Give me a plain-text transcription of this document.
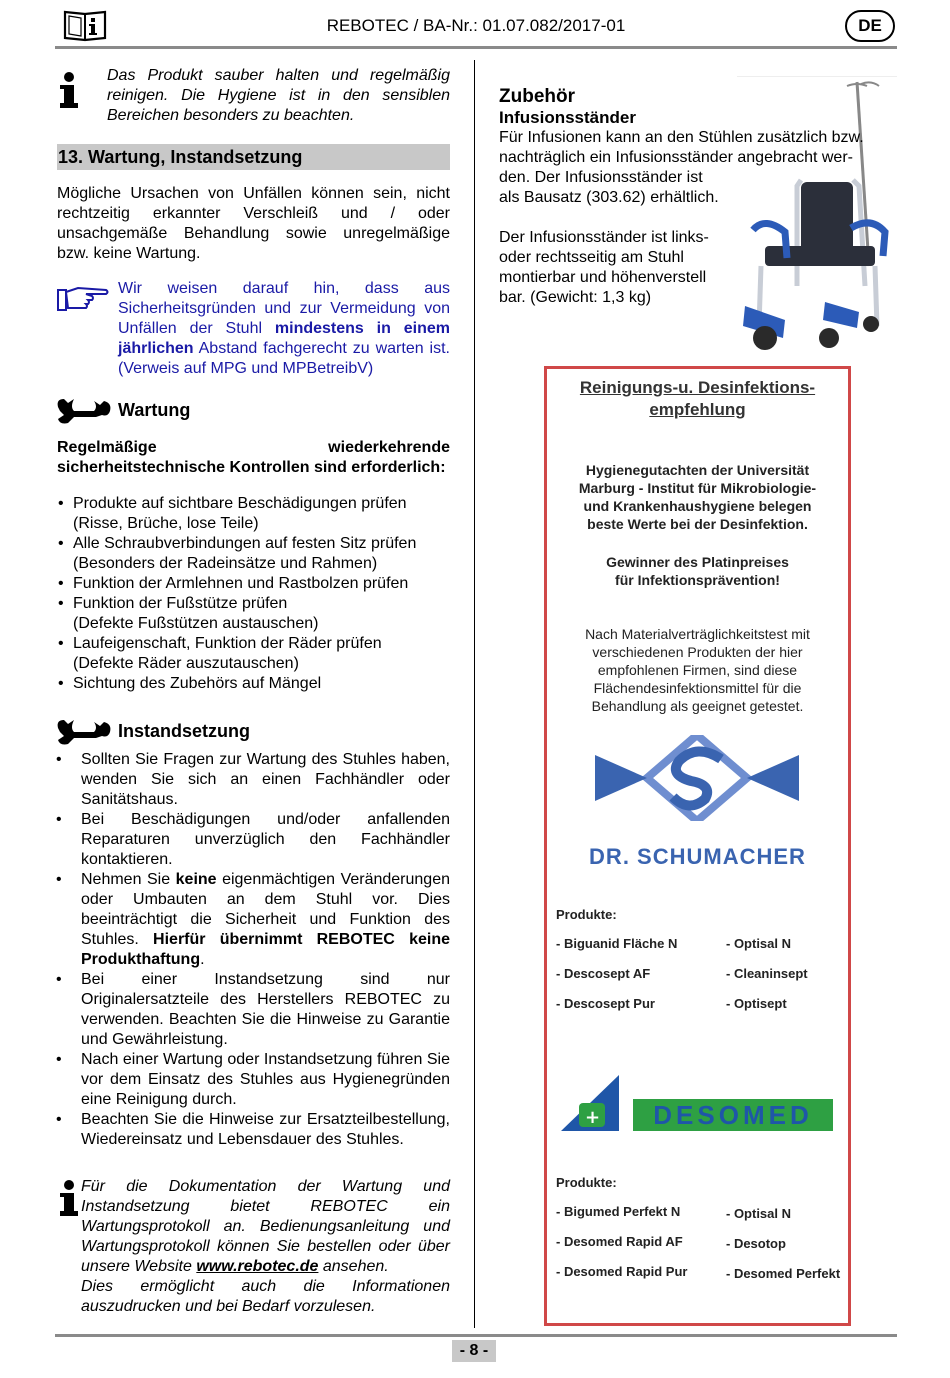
REBOTEC / BA-Nr.: 01.07.082/2017-01	DE
Das Produkt sauber halten und regelmäßig reinigen. Die Hygiene ist in den sensiblen Bereichen besonders zu beachten.
13. Wartung, Instandsetzung
Mögliche Ursachen von Unfällen können sein, nicht rechtzeitig erkannter Verschleiß und / oder unsachgemäße Behandlung sowie unregelmäßige bzw. keine Wartung.
Wir weisen darauf hin, dass aus Sicherheitsgründen und zur Vermeidung von Unfällen der Stuhl mindestens in einem jährlichen Abstand fachgerecht zu warten ist. (Verweis auf MPG und MPBetreibV)
Wartung
Regelmäßige wiederkehrende sicherheitstechnische Kontrollen sind erforderlich:
• Produkte auf sichtbare Beschädigungen prüfen
(Risse, Brüche, lose Teile)
• Alle Schraubverbindungen auf festen Sitz prüfen
(Besonders der Radeinsätze und Rahmen)
• Funktion der Armlehnen und Rastbolzen prüfen
• Funktion der Fußstütze prüfen
(Defekte Fußstützen austauschen)
• Laufeigenschaft, Funktion der Räder prüfen
(Defekte Räder auszutauschen)
• Sichtung des Zubehörs auf Mängel
Instandsetzung
• Sollten Sie Fragen zur Wartung des Stuhles haben, wenden Sie sich an einen Fachhändler oder Sanitätshaus.
• Bei Beschädigungen und/oder anfallenden Reparaturen unverzüglich den Fachhändler kontaktieren.
• Nehmen Sie keine eigenmächtigen Veränderungen oder Umbauten an dem Stuhl vor. Dies beeinträchtigt die Sicherheit und Funktion des Stuhles. Hierfür übernimmt REBOTEC keine Produkthaftung.
• Bei einer Instandsetzung sind nur Originalersatzteile des Herstellers REBOTEC zu verwenden. Beachten Sie die Hinweise zu Garantie und Gewährleistung.
• Nach einer Wartung oder Instandsetzung führen Sie vor dem Einsatz des Stuhles aus Hygienegründen eine Reinigung durch.
• Beachten Sie die Hinweise zur Ersatzteilbestellung, Wiedereinsatz und Lebensdauer des Stuhles.
Für die Dokumentation der Wartung und Instandsetzung bietet REBOTEC ein Wartungsprotokoll an. Bedienungsanleitung und Wartungsprotokoll können Sie bestellen oder über unsere Website www.rebotec.de ansehen.
Dies ermöglicht auch die Informationen auszudrucken und bei Bedarf vorzulesen.
Zubehör
Infusionsständer
Für Infusionen kann an den Stühlen zusätzlich bzw.
nachträglich ein Infusionsständer angebracht wer-
den. Der Infusionsständer ist
als Bausatz (303.62) erhältlich.
Der Infusionsständer ist links-
oder rechtsseitig am Stuhl
montierbar und höhenverstell
bar. (Gewicht: 1,3 kg)
Reinigungs-u. Desinfektions-
empfehlung
Hygienegutachten der Universität
Marburg - Institut für Mikrobiologie-
und Krankenhaushygiene belegen
beste Werte bei der Desinfektion.
Gewinner des Platinpreises
für Infektionsprävention!
Nach Materialverträglichkeitstest mit
verschiedenen Produkten der hier
empfohlenen Firmen, sind diese
Flächendesinfektionsmittel für die
Behandlung als geeignet getestet.
DR. SCHUMACHER
Produkte:
- Biguanid Fläche N
- Descosept AF
- Descosept Pur
- Optisal N
- Cleaninsept
- Optisept
+	DESOMED
Produkte:
- Bigumed Perfekt N
- Desomed Rapid AF
- Desomed Rapid Pur
- Optisal N
- Desotop
- Desomed Perfekt
- 8 -
